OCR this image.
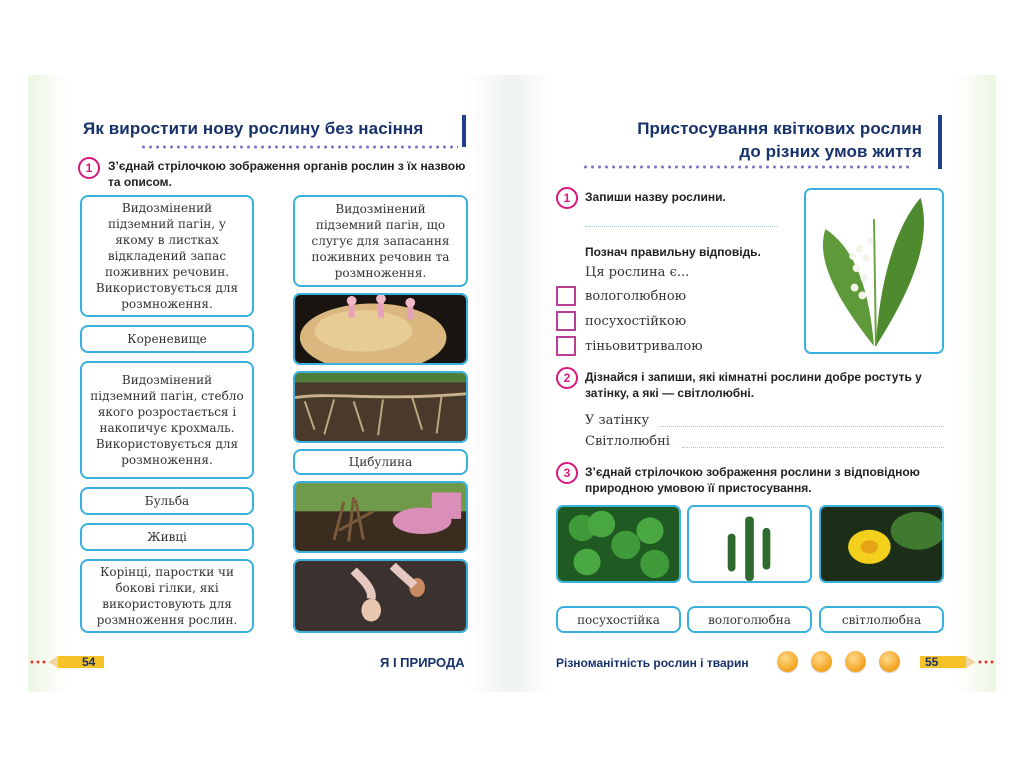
Як виростити нову рослину без насіння
1	З’єднай стрілочкою зображення органів рослин з їх назвою та описом.
Видозмінений підземний пагін, у якому в листках відкладений запас поживних речовин. Використовується для розмноження.
Кореневище
Видозмінений підземний пагін, стебло якого розростається і накопичує крохмаль. Використовується для розмноження.
Бульба
Живці
Корінці, паростки чи бокові гілки, які використовують для розмноження рослин.
Видозмінений підземний пагін, що слугує для запасання поживних речовин та розмноження.
Цибулина
54	Я І ПРИРОДА
Пристосування квіткових рослин
до різних умов життя
1	Запиши назву рослини.
Познач правильну відповідь.
Ця рослина є...
вологолюбною
посухостійкою
тіньовитривалою
2	Дізнайся і запиши, які кімнатні рослини добре ростуть у затінку, а які — світлолюбні.
У затінку
Світлолюбні
3	З’єднай стрілочкою зображення рослини з відповідною природною умовою її пристосування.
посухостійка	вологолюбна	світлолюбна
Різноманітність рослин і тварин	55
